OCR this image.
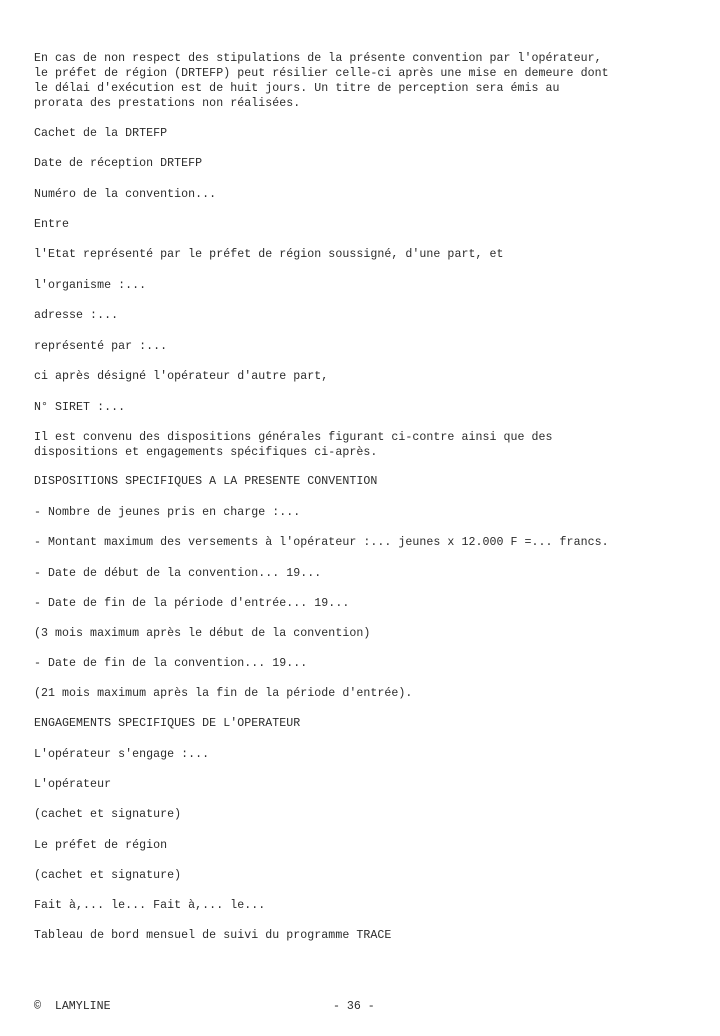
En cas de non respect des stipulations de la présente convention par l'opérateur,
le préfet de région (DRTEFP) peut résilier celle-ci après une mise en demeure dont
le délai d'exécution est de huit jours. Un titre de perception sera émis au
prorata des prestations non réalisées.

Cachet de la DRTEFP

Date de réception DRTEFP

Numéro de la convention...

Entre

l'Etat représenté par le préfet de région soussigné, d'une part, et

l'organisme :...

adresse :...

représenté par :...

ci après désigné l'opérateur d'autre part,

N° SIRET :...

Il est convenu des dispositions générales figurant ci-contre ainsi que des
dispositions et engagements spécifiques ci-après.

DISPOSITIONS SPECIFIQUES A LA PRESENTE CONVENTION

- Nombre de jeunes pris en charge :...

- Montant maximum des versements à l'opérateur :... jeunes x 12.000 F =... francs.

- Date de début de la convention... 19...

- Date de fin de la période d'entrée... 19...

(3 mois maximum après le début de la convention)

- Date de fin de la convention... 19...

(21 mois maximum après la fin de la période d'entrée).

ENGAGEMENTS SPECIFIQUES DE L'OPERATEUR

L'opérateur s'engage :...

L'opérateur

(cachet et signature)

Le préfet de région

(cachet et signature)

Fait à,... le... Fait à,... le...

Tableau de bord mensuel de suivi du programme TRACE

©  LAMYLINE	- 36 -
